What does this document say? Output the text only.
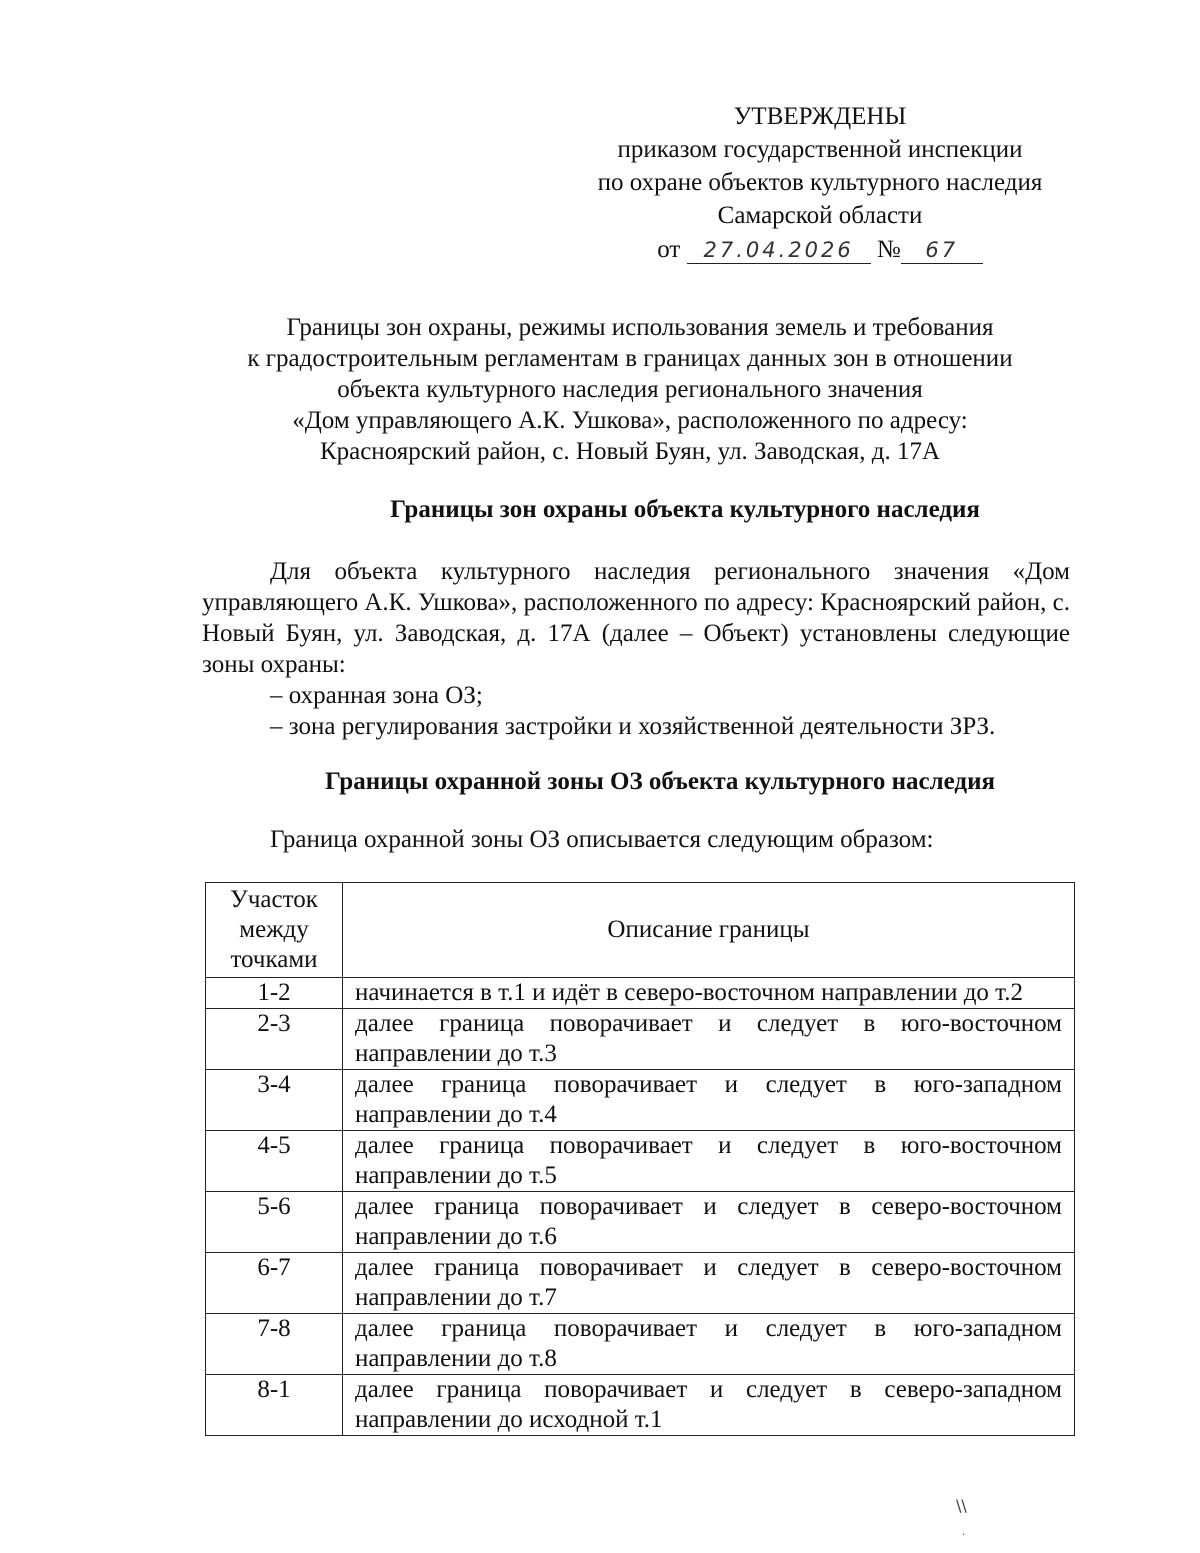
УТВЕРЖДЕНЫ
приказом государственной инспекции
по охране объектов культурного наследия
Самарской области
от 27.04.2026 № 67
Границы зон охраны, режимы использования земель и требования
к градостроительным регламентам в границах данных зон в отношении
объекта культурного наследия регионального значения
«Дом управляющего А.К. Ушкова», расположенного по адресу:
Красноярский район, с. Новый Буян, ул. Заводская, д. 17А
Границы зон охраны объекта культурного наследия
Для объекта культурного наследия регионального значения «Дом управляющего А.К. Ушкова», расположенного по адресу: Красноярский район, с. Новый Буян, ул. Заводская, д. 17А (далее – Объект) установлены следующие зоны охраны:
– охранная зона ОЗ;
– зона регулирования застройки и хозяйственной деятельности ЗРЗ.
Границы охранной зоны ОЗ объекта культурного наследия
Граница охранной зоны ОЗ описывается следующим образом:
Участок между точками	Описание границы
1-2	начинается в т.1 и идёт в северо-восточном направлении до т.2
2-3	далее граница поворачивает и следует в юго-восточном направлении до т.3
3-4	далее граница поворачивает и следует в юго-западном направлении до т.4
4-5	далее граница поворачивает и следует в юго-восточном направлении до т.5
5-6	далее граница поворачивает и следует в северо-восточном направлении до т.6
6-7	далее граница поворачивает и следует в северо-восточном направлении до т.7
7-8	далее граница поворачивает и следует в юго-западном направлении до т.8
8-1	далее граница поворачивает и следует в северо-западном направлении до исходной т.1
\\
·
